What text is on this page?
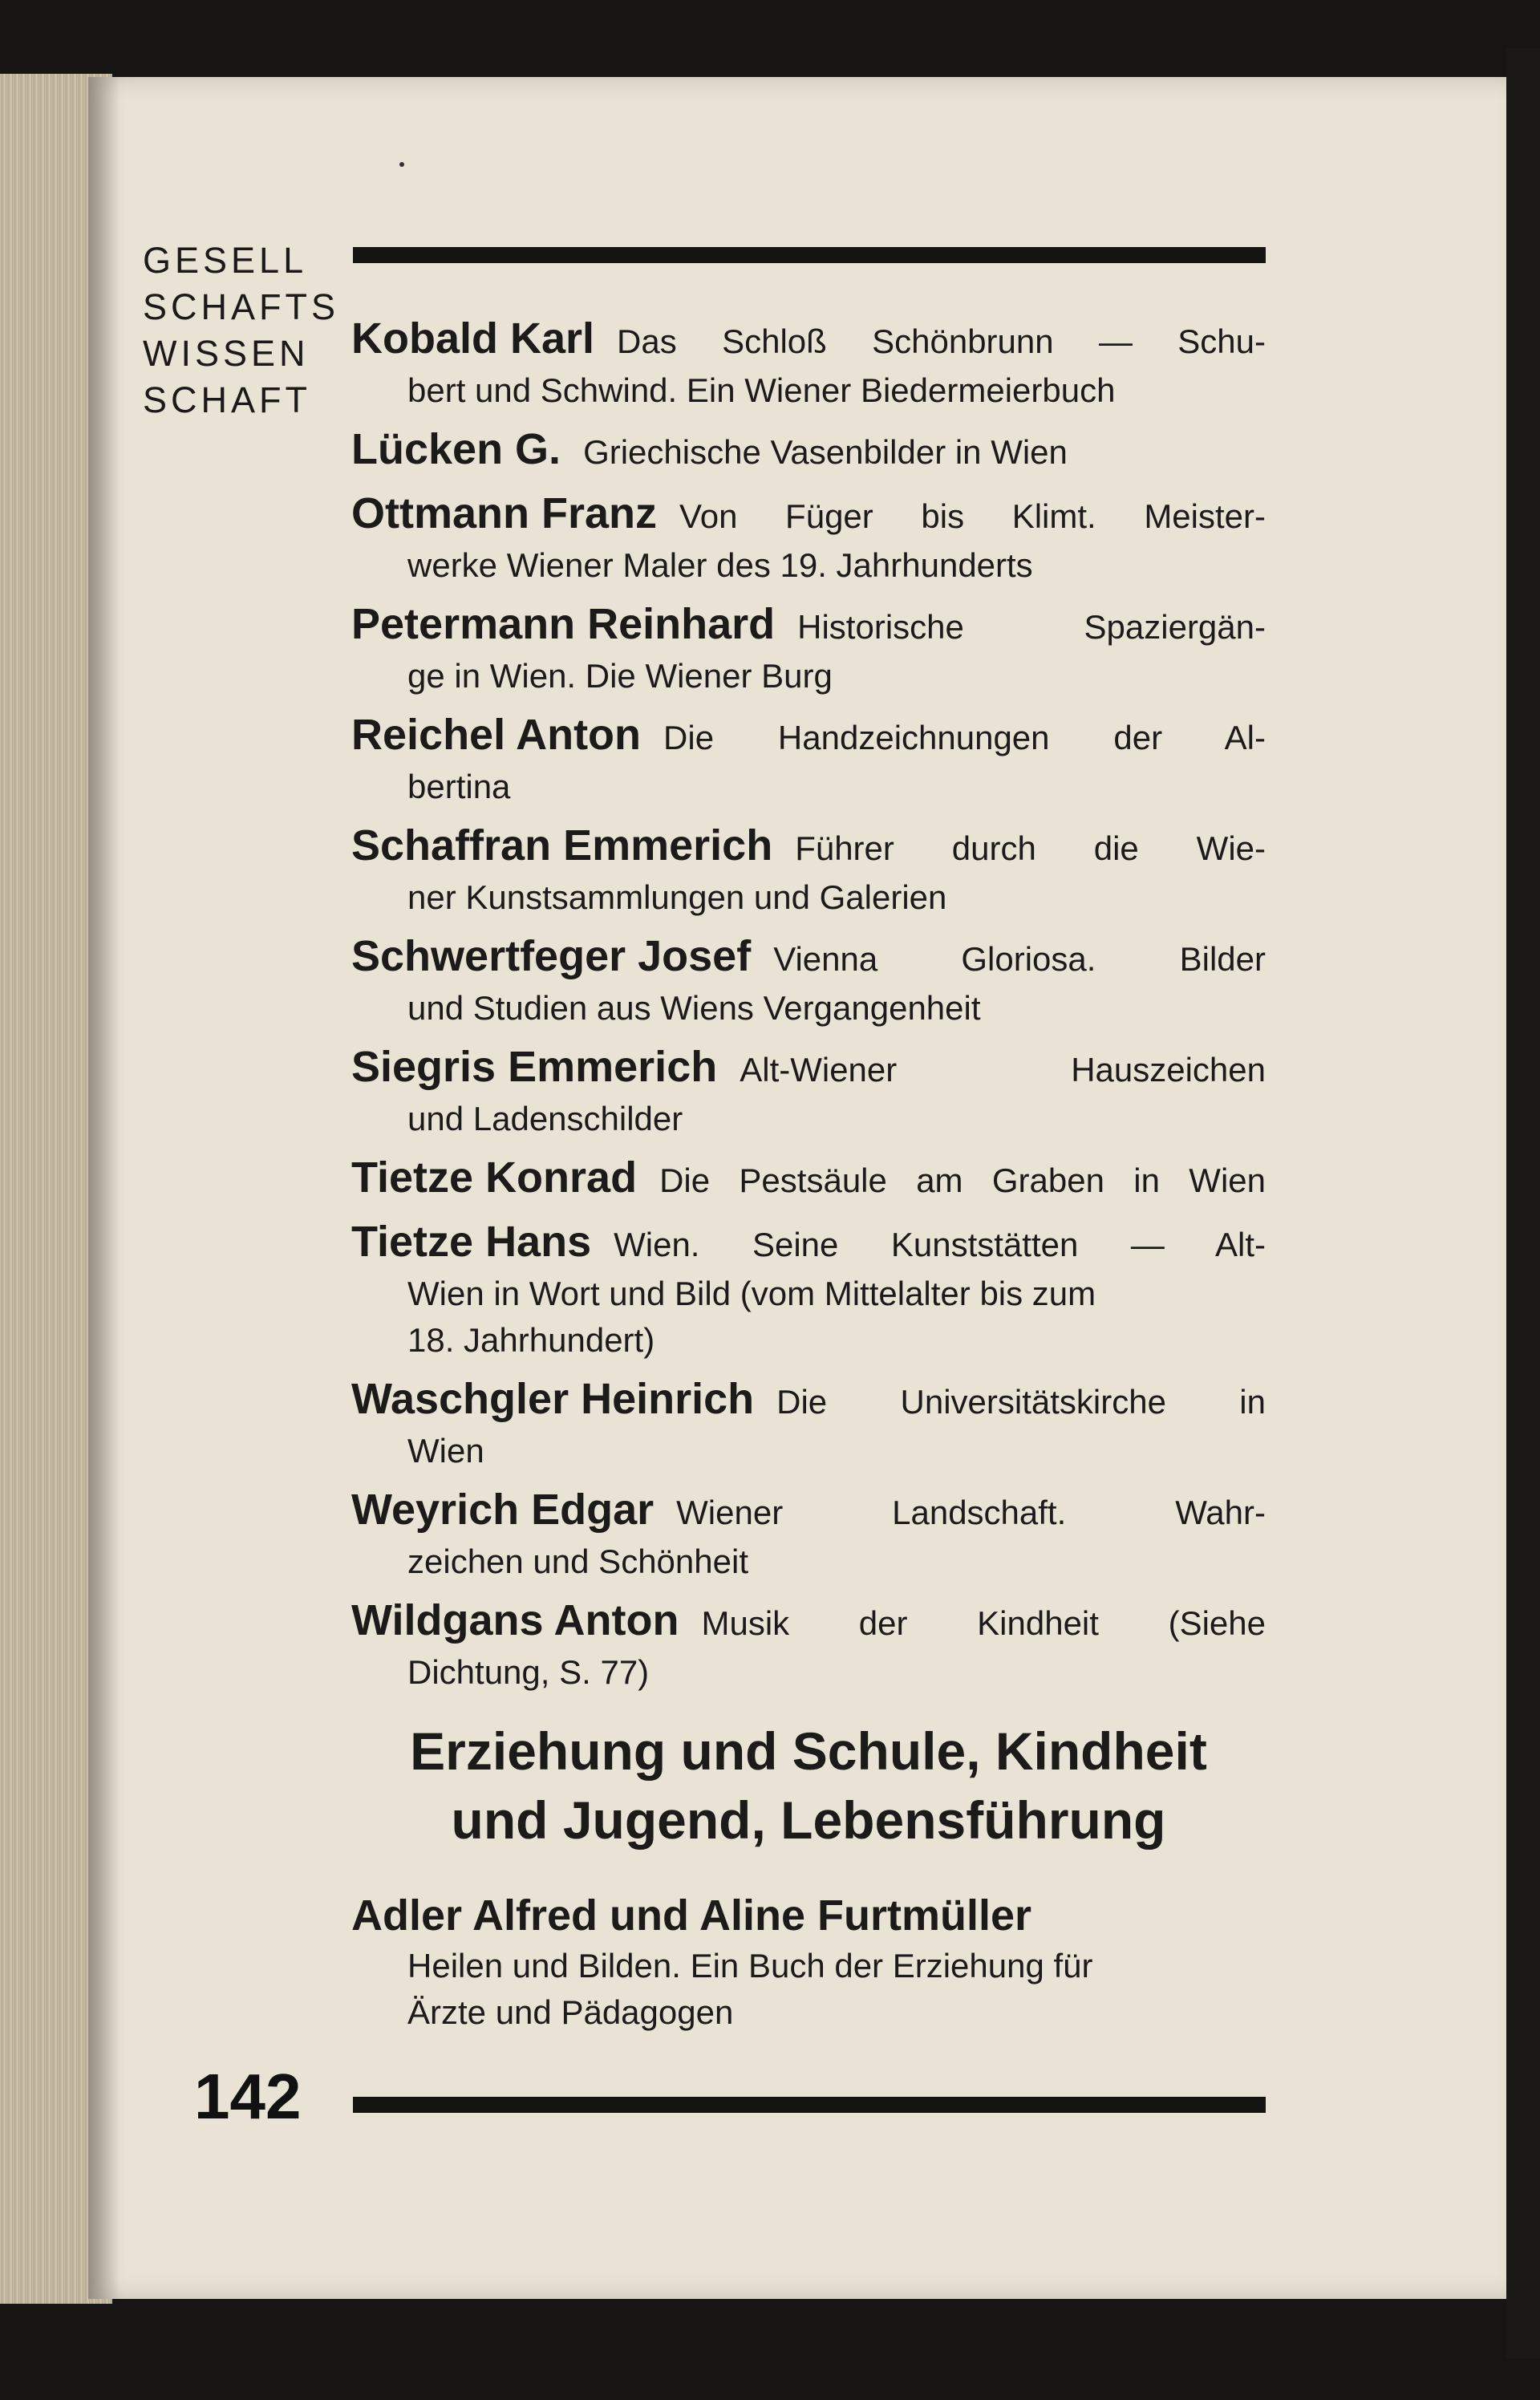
GESELL
SCHAFTS
WISSEN
SCHAFT
Kobald Karl Das Schloß Schönbrunn — Schu-
bert und Schwind. Ein Wiener Biedermeierbuch
Lücken G. Griechische Vasenbilder in Wien
Ottmann Franz Von Füger bis Klimt. Meister-
werke Wiener Maler des 19. Jahrhunderts
Petermann Reinhard Historische Spaziergän-
ge in Wien. Die Wiener Burg
Reichel Anton Die Handzeichnungen der Al-
bertina
Schaffran Emmerich Führer durch die Wie-
ner Kunstsammlungen und Galerien
Schwertfeger Josef Vienna Gloriosa. Bilder
und Studien aus Wiens Vergangenheit
Siegris Emmerich Alt-Wiener Hauszeichen
und Ladenschilder
Tietze Konrad Die Pestsäule am Graben in Wien
Tietze Hans Wien. Seine Kunststätten — Alt-
Wien in Wort und Bild (vom Mittelalter bis zum
18. Jahrhundert)
Waschgler Heinrich Die Universitätskirche in
Wien
Weyrich Edgar Wiener Landschaft. Wahr-
zeichen und Schönheit
Wildgans Anton Musik der Kindheit (Siehe
Dichtung, S. 77)
Erziehung und Schule, Kindheit
und Jugend, Lebensführung
Adler Alfred und Aline Furtmüller
Heilen und Bilden. Ein Buch der Erziehung für
Ärzte und Pädagogen
142
